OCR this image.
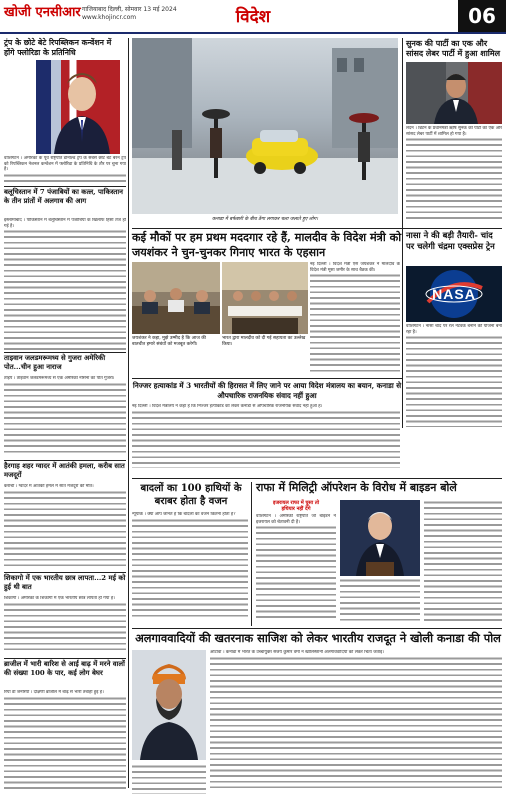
खोजी एनसीआर गाजियाबाद दिल्ली, सोमवार 13 मई 2024
www.khojincr.com	विदेश	06
ट्रंप के छोटे बेटे रिपब्लिकन कन्वेंशन में होंगे फ्लोरिडा के प्रतिनिधि
वॉशिंगटन । अमेरिका के पूर्व राष्ट्रपति डोनाल्ड ट्रंप के सबसे छोटे बेटे बैरन ट्रंप को रिपब्लिकन नेशनल कन्वेंशन में फ्लोरिडा के प्रतिनिधि के तौर पर चुना गया है।
बलूचिस्तान में 7 पंजाबियों का कत्ल, पाकिस्तान के तीन प्रांतों में अलगाव की आग
इस्लामाबाद । पाकिस्तान में बलूचिस्तान में पंजाबियों के खिलाफ हिंसा तेज हो गई है।
ताइवान जलडमरूमध्य से गुजरा अमेरिकी पोत...चीन हुआ नाराज
ताइपे । ताइवान जलडमरूमध्य से एक अमेरिकी नौसेना का पोत गुजरा।
हैरगाह शहर ग्वादर में आतंकी हमला, करीब सात मजदूरों
करांची । ग्वादर में आतंकी हमले में सात मजदूरों की मौत।
शिकागो में एक भारतीय छात्र लापता...2 मई को हुई थी बात
शिकागो । अमेरिका के शिकागो में एक भारतीय छात्र लापता हो गया है।
ब्राजील में भारी बारिश से आई बाढ़ में मरने वालों की संख्या 100 के पार, कई लोग बेघर
रियो डी जनेरियो । दक्षिणी ब्राजील में बाढ़ से भारी तबाही हुई है।
कनाडा में बर्फबारी के बीच ठेंगा लगाकर चला जलाते हुए लोग।
सुनक की पार्टी का एक और सांसद लेबर पार्टी में हुआ शामिल
लंदन । ब्रिटेन के प्रधानमंत्री ऋषि सुनक की पार्टी का एक और सांसद लेबर पार्टी में शामिल हो गया है।
कई मौकों पर हम प्रथम मददगार रहे हैं, मालदीव के विदेश मंत्री को जयशंकर ने चुन-चुनकर गिनाए भारत के एहसान
नई दिल्ली । विदेश मंत्री एस जयशंकर ने मालदीव के विदेश मंत्री मूसा जमीर के साथ बैठक की।
जयशंकर ने कहा, मुझे उम्मीद है कि आज की बातचीत हमारे संबंधों को मजबूत करेगी।
भारत द्वारा मालदीव को दी गई सहायता का उल्लेख किया।
नासा ने की बड़ी तैयारी- चांद पर चलेगी चंद्रमा एक्सप्रेस ट्रेन
NASA
वॉशिंगटन । नासा चांद पर रेल नेटवर्क बनाने की योजना बना रहा है।
निज्जर हत्याकांड में 3 भारतीयों की हिरासत में लिए जाने पर आया विदेश मंत्रालय का बयान, कनाडा से औपचारिक राजनयिक संवाद नहीं हुआ
नई दिल्ली । विदेश मंत्रालय ने कहा है कि निज्जर हत्याकांड को लेकर कनाडा से औपचारिक राजनयिक संवाद नहीं हुआ है।
बादलों का 100 हाथियों के बराबर होता है वजन
न्यूयॉर्क । क्या आप जानते हैं कि बादलों का वजन कितना होता है?
राफा में मिलिट्री ऑपरेशन के विरोध में बाइडन बोले
इजरायल राफा में घुसा तो
हथियार नहीं देंगे
वॉशिंगटन । अमेरिकी राष्ट्रपति जो बाइडन ने इजरायल को चेतावनी दी है।
अलगाववादियों की खतरनाक साजिश को लेकर भारतीय राजदूत ने खोली कनाडा की पोल
ओटावा । कनाडा में भारत के उच्चायुक्त संजय कुमार वर्मा ने खालिस्तानी अलगाववादियों को लेकर चिंता जताई।
